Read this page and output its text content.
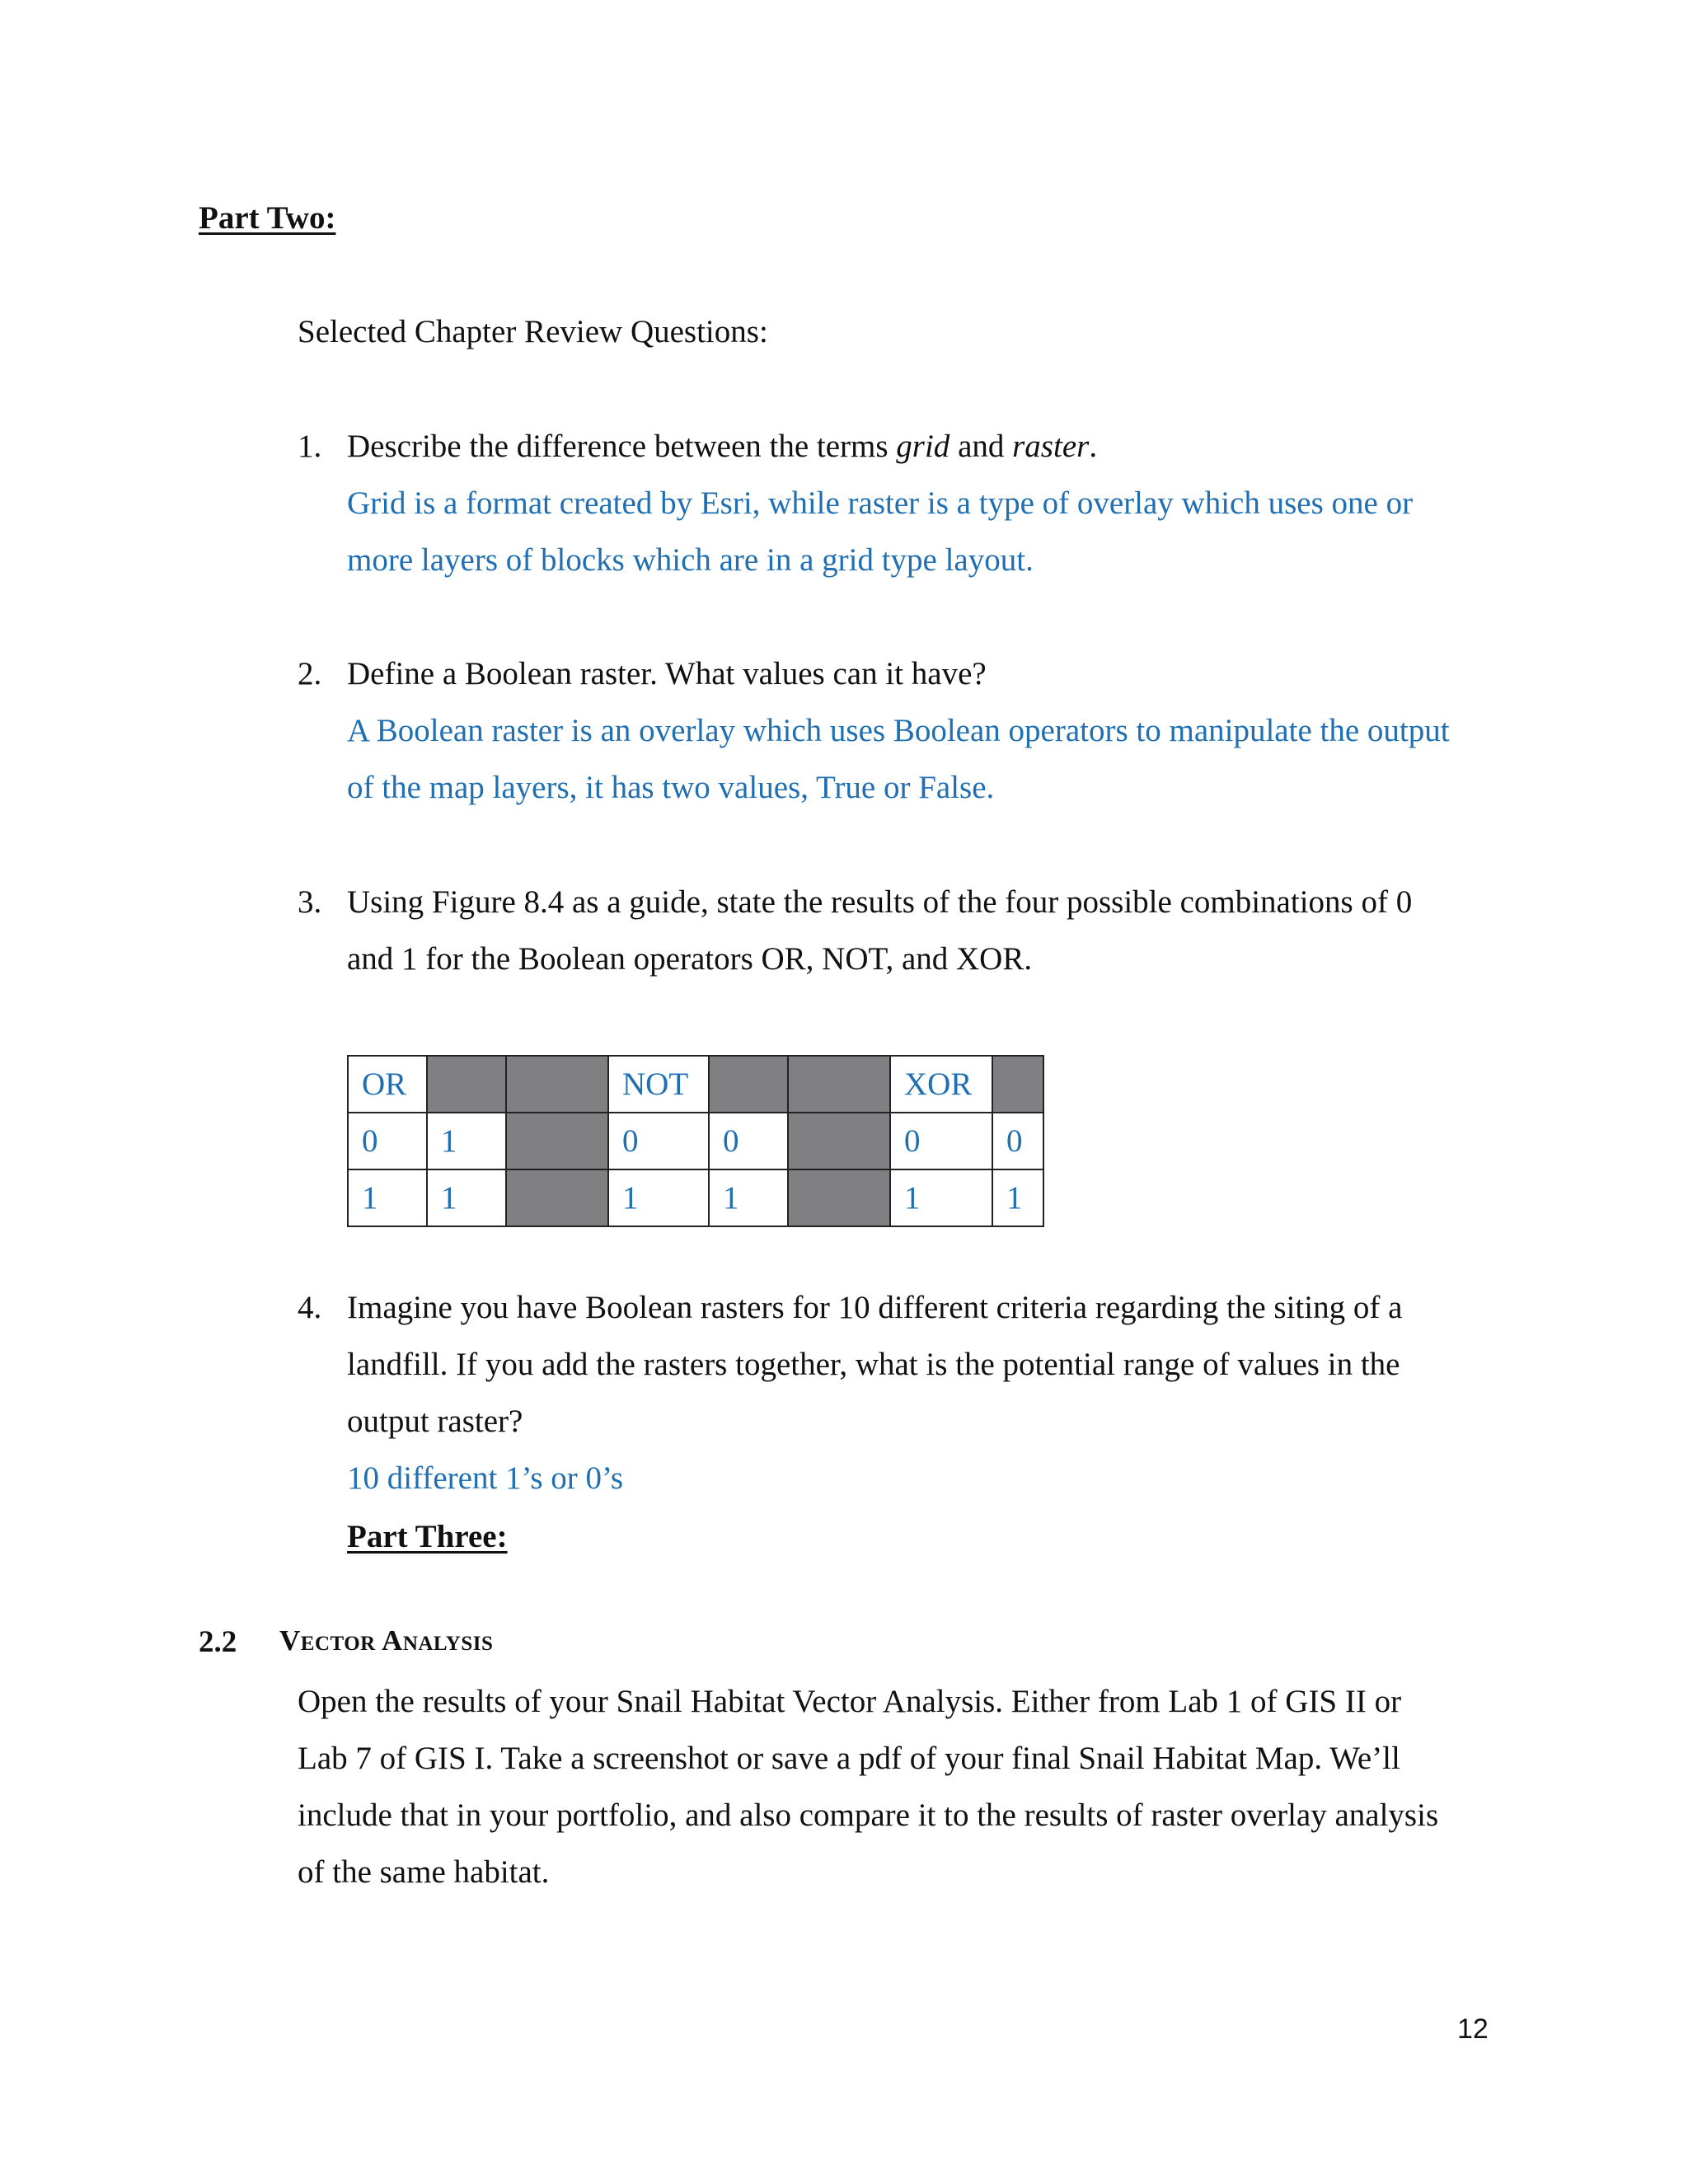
Part Two:
Selected Chapter Review Questions:
1. Describe the difference between the terms grid and raster.
Grid is a format created by Esri, while raster is a type of overlay which uses one or
more layers of blocks which are in a grid type layout.
2. Define a Boolean raster. What values can it have?
A Boolean raster is an overlay which uses Boolean operators to manipulate the output
of the map layers, it has two values, True or False.
3. Using Figure 8.4 as a guide, state the results of the four possible combinations of 0
and 1 for the Boolean operators OR, NOT, and XOR.
OR			NOT			XOR	
0	1		0	0		0	0
1	1		1	1		1	1
4. Imagine you have Boolean rasters for 10 different criteria regarding the siting of a
landfill. If you add the rasters together, what is the potential range of values in the
output raster?
10 different 1’s or 0’s
Part Three:
2.2 Vector Analysis
Open the results of your Snail Habitat Vector Analysis. Either from Lab 1 of GIS II or
Lab 7 of GIS I. Take a screenshot or save a pdf of your final Snail Habitat Map. We’ll
include that in your portfolio, and also compare it to the results of raster overlay analysis
of the same habitat.
12
